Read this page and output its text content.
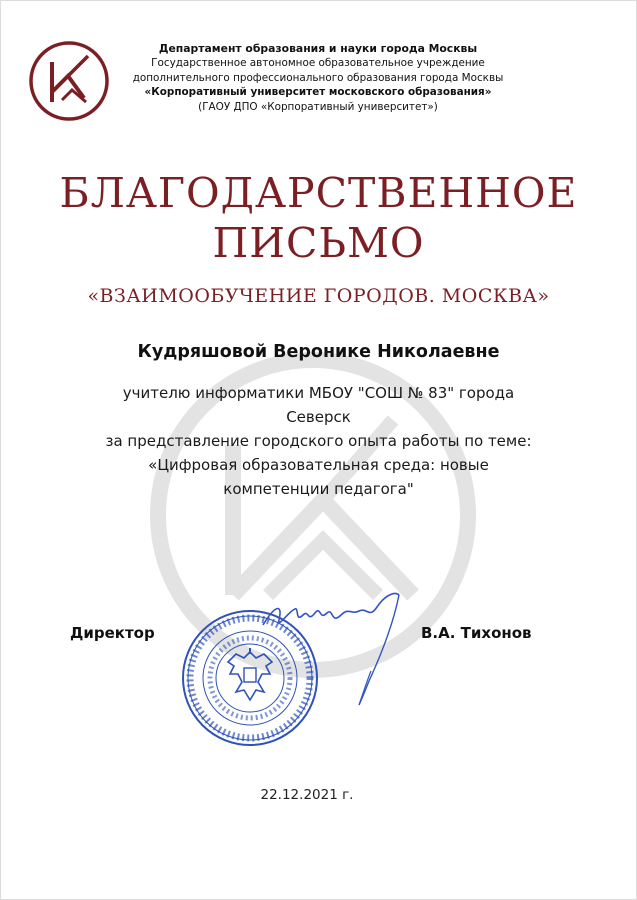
Департамент образования и науки города Москвы
Государственное автономное образовательное учреждение
дополнительного профессионального образования города Москвы
«Корпоративный университет московского образования»
(ГАОУ ДПО «Корпоративный университет»)
БЛАГОДАРСТВЕННОЕ
ПИСЬМО
«ВЗАИМООБУЧЕНИЕ ГОРОДОВ. МОСКВА»
Кудряшовой Веронике Николаевне
учителю информатики МБОУ "СОШ № 83" города
Северск
за представление городского опыта работы по теме:
«Цифровая образовательная среда: новые
компетенции педагога"
Директор	В.А. Тихонов
22.12.2021 г.
